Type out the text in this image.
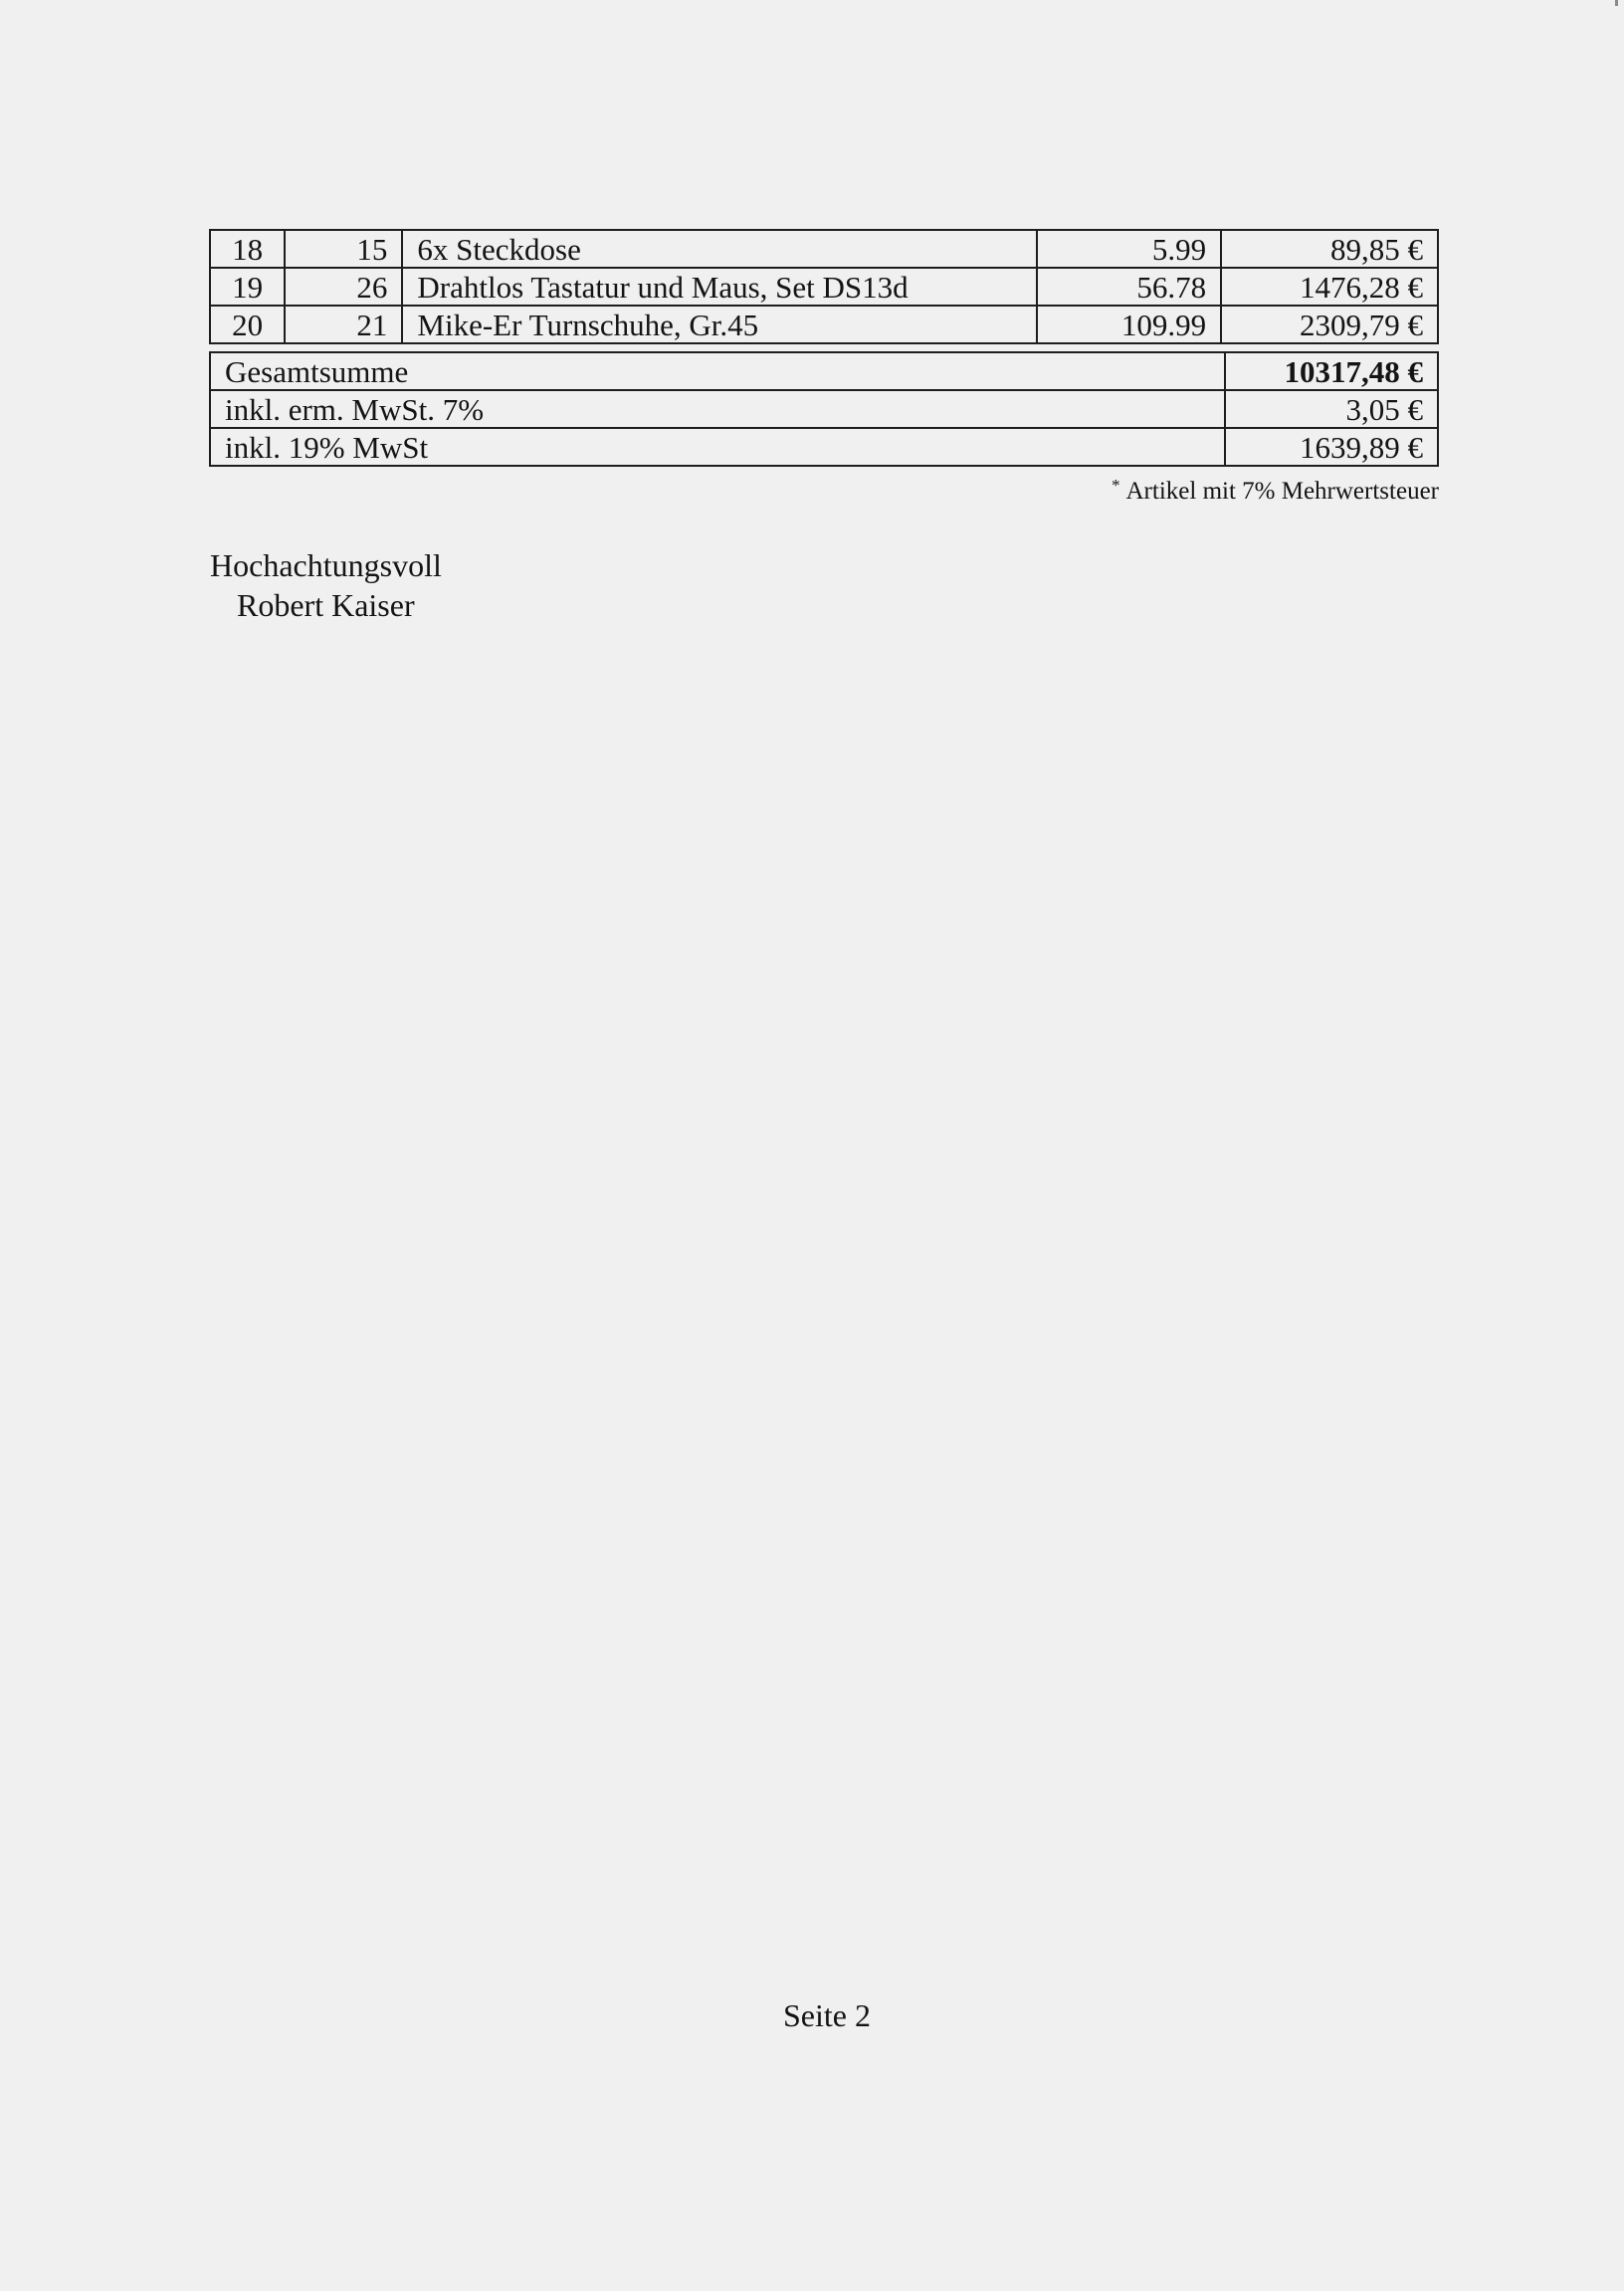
18	15	6x Steckdose	5.99	89,85 €
19	26	Drahtlos Tastatur und Maus, Set DS13d	56.78	1476,28 €
20	21	Mike-Er Turnschuhe, Gr.45	109.99	2309,79 €
Gesamtsumme	10317,48 €
inkl. erm. MwSt. 7%	3,05 €
inkl. 19% MwSt	1639,89 €
* Artikel mit 7% Mehrwertsteuer
Hochachtungsvoll
Robert Kaiser
Seite 2
